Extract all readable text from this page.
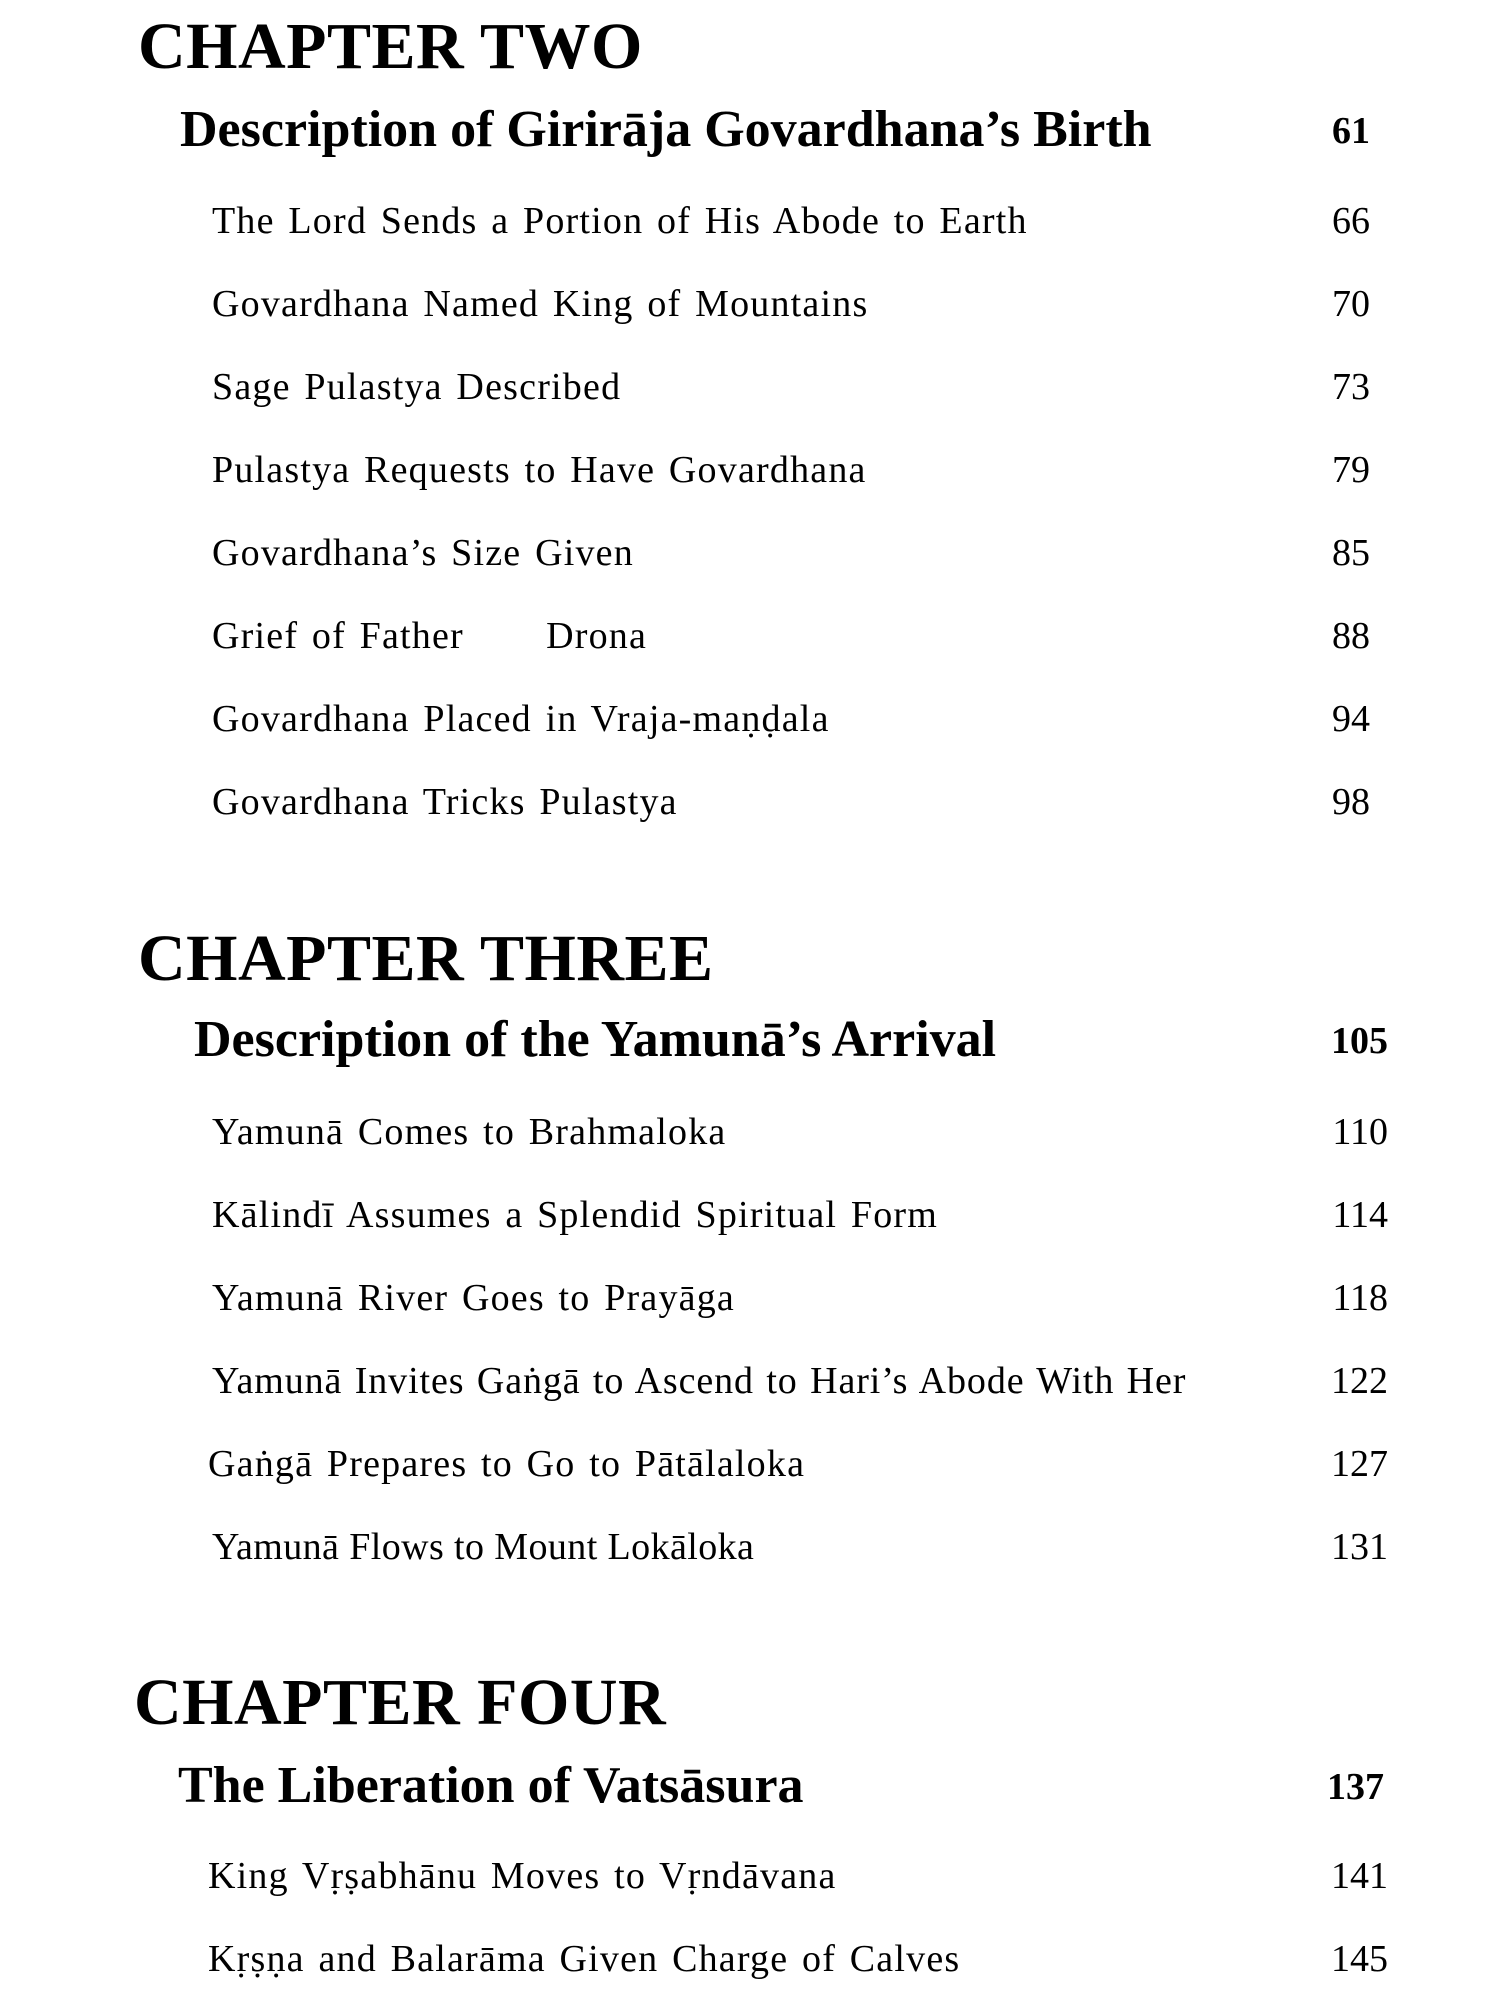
CHAPTER TWO
Description of Girirāja Govardhana’s Birth	61
The Lord Sends a Portion of His Abode to Earth	66
Govardhana Named King of Mountains	70
Sage Pulastya Described	73
Pulastya Requests to Have Govardhana	79
Govardhana’s Size Given	85
Grief of Father      Drona	88
Govardhana Placed in Vraja-maṇḍala	94
Govardhana Tricks Pulastya	98
CHAPTER THREE
Description of the Yamunā’s Arrival	105
Yamunā Comes to Brahmaloka	110
Kālindī Assumes a Splendid Spiritual Form	114
Yamunā River Goes to Prayāga	118
Yamunā Invites Gaṅgā to Ascend to Hari’s Abode With Her	122
Gaṅgā Prepares to Go to Pātālaloka	127
Yamunā Flows to Mount Lokāloka	131
CHAPTER FOUR
The Liberation of Vatsāsura	137
King Vṛṣabhānu Moves to Vṛndāvana	141
Kṛṣṇa and Balarāma Given Charge of Calves	145
